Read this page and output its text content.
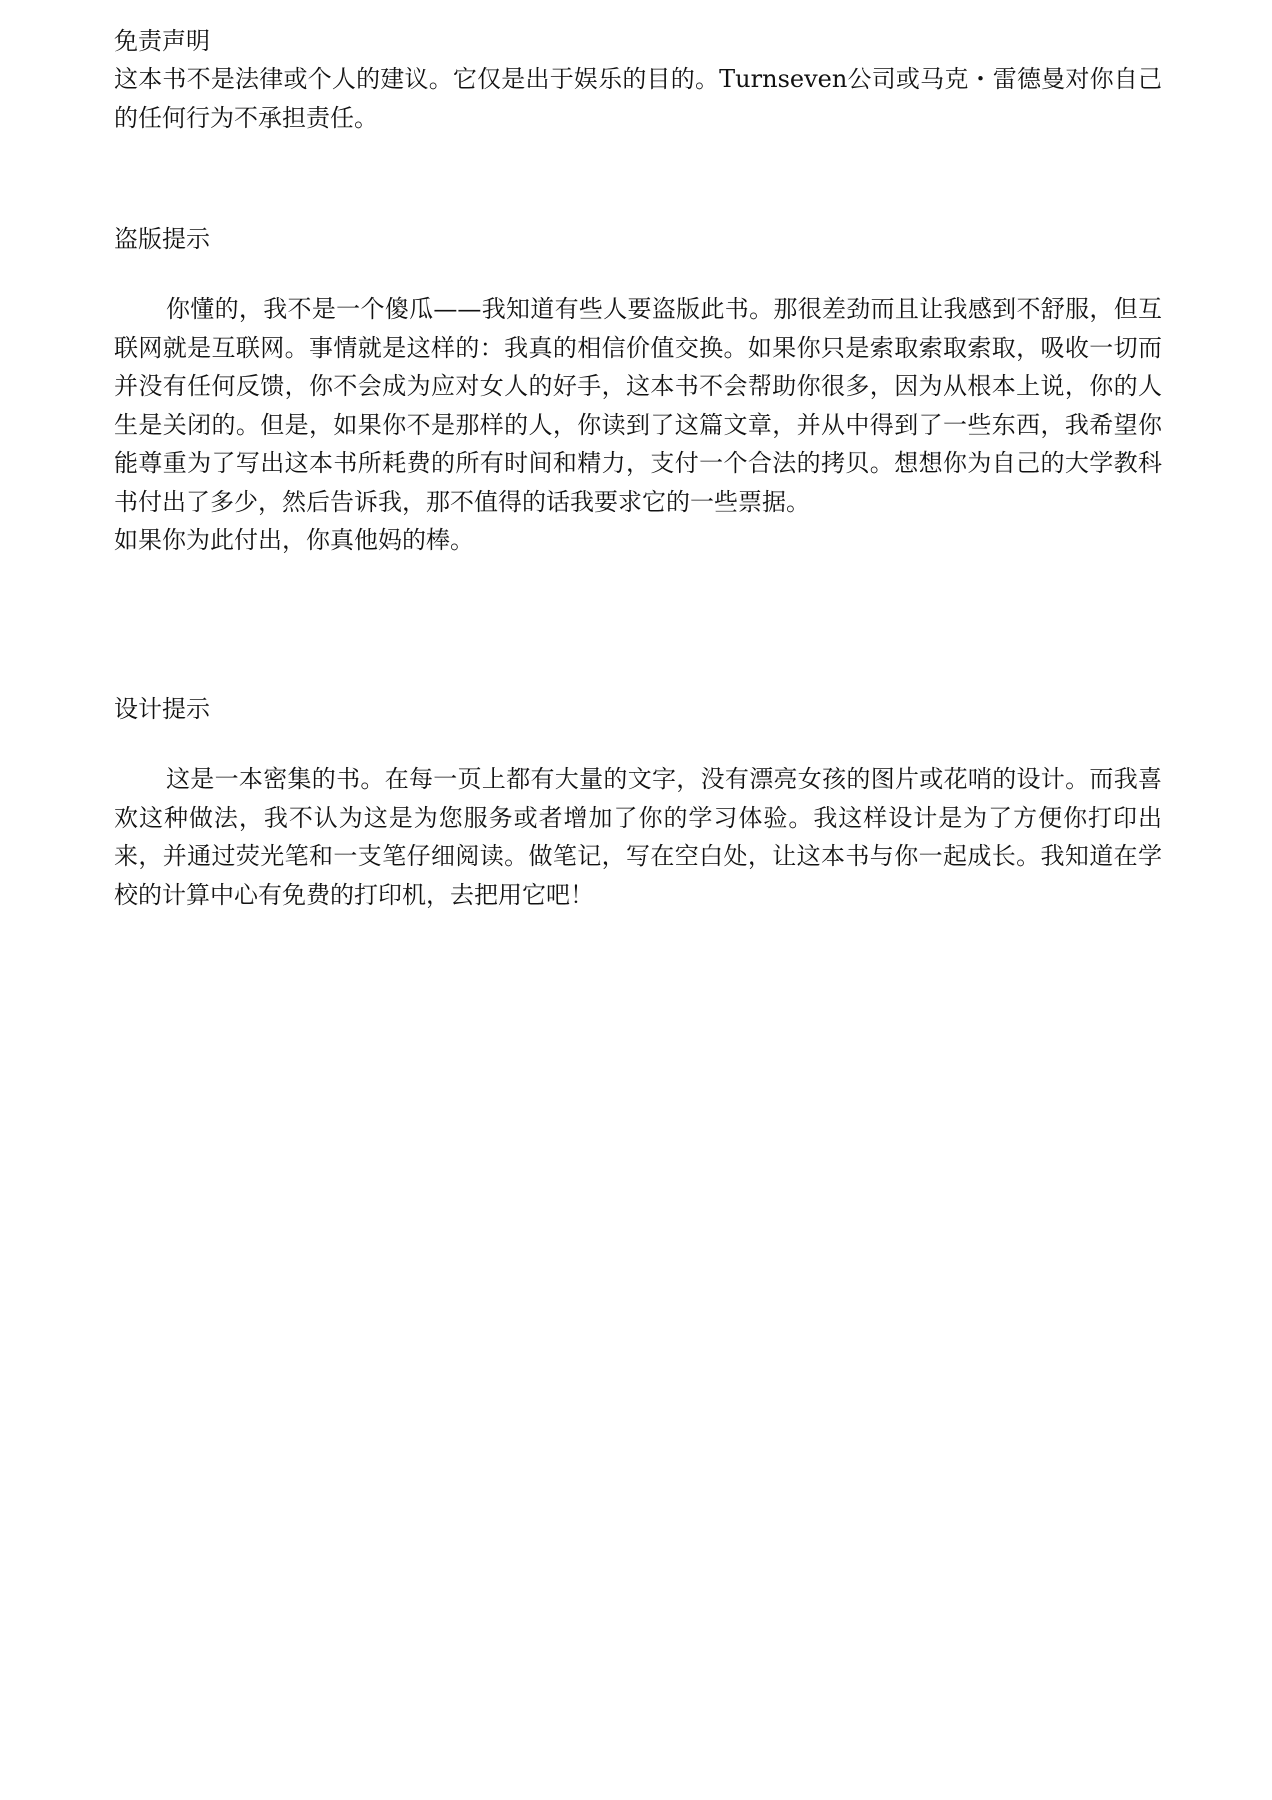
免责声明

这本书不是法律或个人的建议。它仅是出于娱乐的目的。Turnseven公司或马克・雷德曼对你自己的任何行为不承担责任。

盗版提示

你懂的，我不是一个傻瓜——我知道有些人要盗版此书。那很差劲而且让我感到不舒服，但互联网就是互联网。事情就是这样的：我真的相信价值交换。如果你只是索取索取索取，吸收一切而并没有任何反馈，你不会成为应对女人的好手，这本书不会帮助你很多，因为从根本上说，你的人生是关闭的。但是，如果你不是那样的人，你读到了这篇文章，并从中得到了一些东西，我希望你能尊重为了写出这本书所耗费的所有时间和精力，支付一个合法的拷贝。想想你为自己的大学教科书付出了多少，然后告诉我，那不值得的话我要求它的一些票据。

如果你为此付出，你真他妈的棒。

设计提示

这是一本密集的书。在每一页上都有大量的文字，没有漂亮女孩的图片或花哨的设计。而我喜欢这种做法，我不认为这是为您服务或者增加了你的学习体验。我这样设计是为了方便你打印出来，并通过荧光笔和一支笔仔细阅读。做笔记，写在空白处，让这本书与你一起成长。我知道在学校的计算中心有免费的打印机，去把用它吧！
